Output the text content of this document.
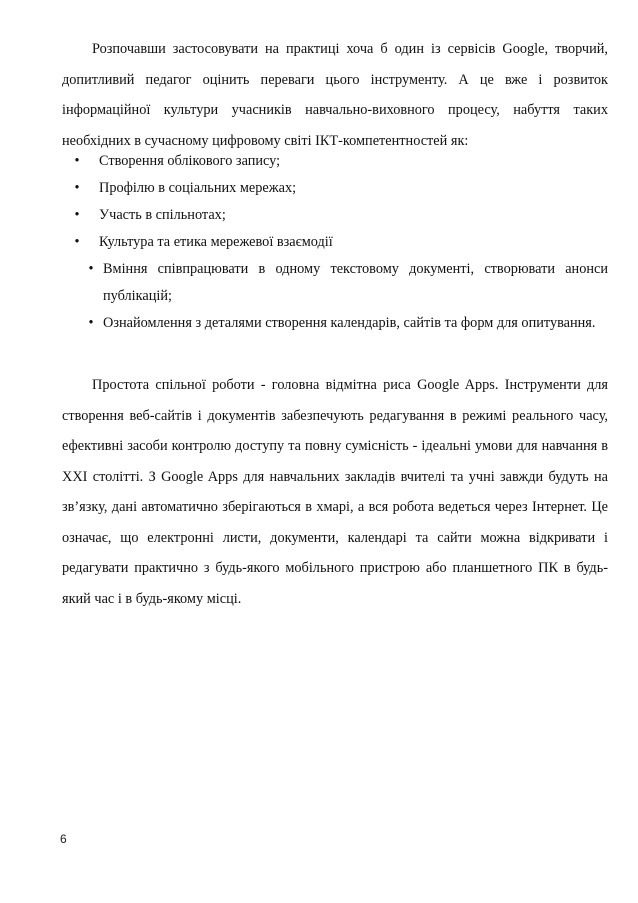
Розпочавши застосовувати на практиці хоча б один із сервісів Google, творчий, допитливий педагог оцінить переваги цього інструменту. А це вже і розвиток інформаційної культури учасників навчально-виховного процесу, набуття таких необхідних в сучасному цифровому світі ІКТ-компетентностей як:

• Створення облікового запису;
• Профілю в соціальних мережах;
• Участь в спільнотах;
• Культура та етика мережевої взаємодії
• Вміння співпрацювати в одному текстовому документі, створювати анонси публікацій;
• Ознайомлення з деталями створення календарів, сайтів та форм для опитування.

Простота спільної роботи - головна відмітна риса Google Apps. Інструменти для створення веб-сайтів і документів забезпечують редагування в режимі реального часу, ефективні засоби контролю доступу та повну сумісність - ідеальні умови для навчання в XXI столітті. З Google Apps для навчальних закладів вчителі та учні завжди будуть на зв’язку, дані автоматично зберігаються в хмарі, а вся робота ведеться через Інтернет. Це означає, що електронні листи, документи, календарі та сайти можна відкривати і редагувати практично з будь-якого мобільного пристрою або планшетного ПК в будь-який час і в будь-якому місці.

6
